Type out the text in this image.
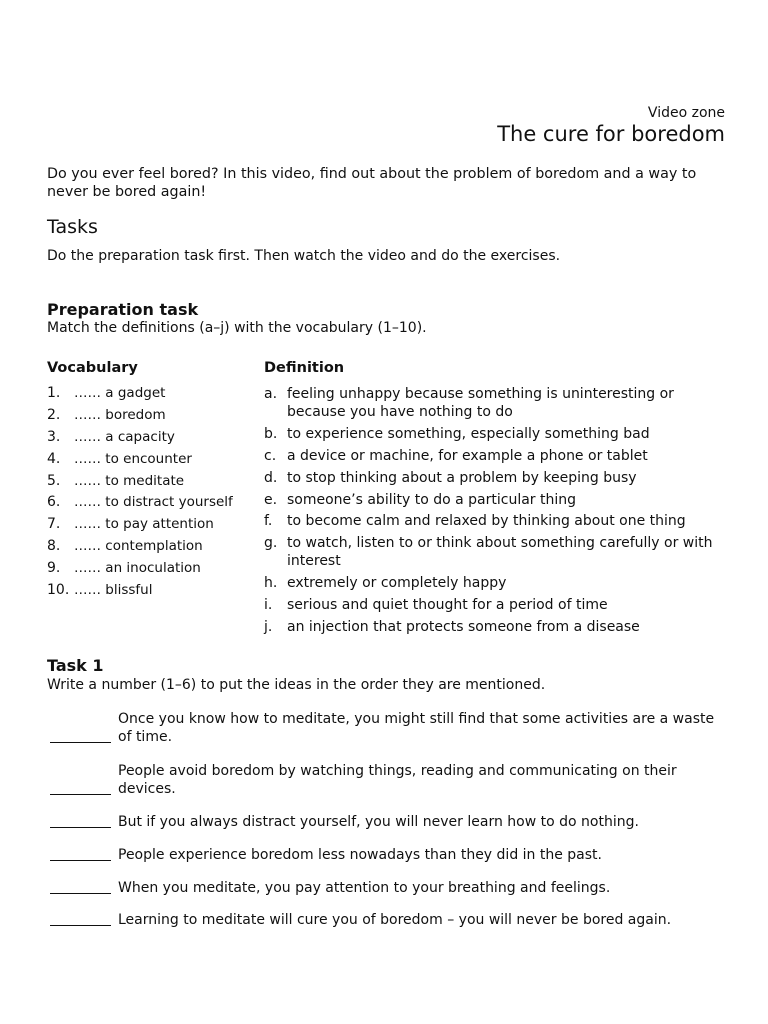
Video zone
The cure for boredom
Do you ever feel bored? In this video, find out about the problem of boredom and a way to never be bored again!
Tasks
Do the preparation task first. Then watch the video and do the exercises.
Preparation task
Match the definitions (a–j) with the vocabulary (1–10).
Vocabulary	Definition
1. …… a gadget
2. …… boredom
3. …… a capacity
4. …… to encounter
5. …… to meditate
6. …… to distract yourself
7. …… to pay attention
8. …… contemplation
9. …… an inoculation
10. …… blissful
a. feeling unhappy because something is uninteresting or because you have nothing to do
b. to experience something, especially something bad
c. a device or machine, for example a phone or tablet
d. to stop thinking about a problem by keeping busy
e. someone’s ability to do a particular thing
f. to become calm and relaxed by thinking about one thing
g. to watch, listen to or think about something carefully or with interest
h. extremely or completely happy
i. serious and quiet thought for a period of time
j. an injection that protects someone from a disease
Task 1
Write a number (1–6) to put the ideas in the order they are mentioned.
Once you know how to meditate, you might still find that some activities are a waste of time.
People avoid boredom by watching things, reading and communicating on their devices.
But if you always distract yourself, you will never learn how to do nothing.
People experience boredom less nowadays than they did in the past.
When you meditate, you pay attention to your breathing and feelings.
Learning to meditate will cure you of boredom – you will never be bored again.
